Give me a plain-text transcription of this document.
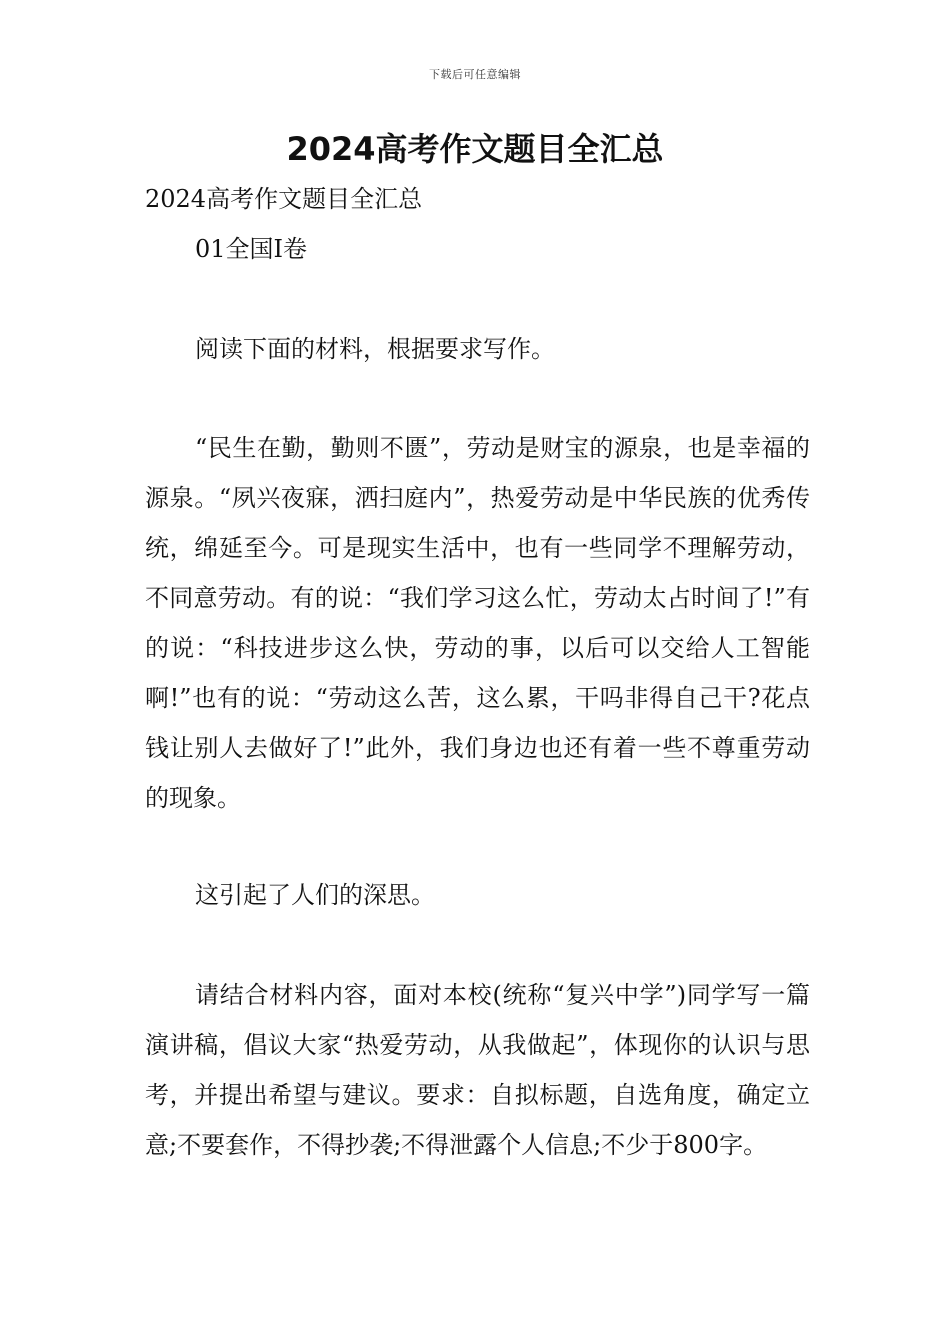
下载后可任意编辑
2024高考作文题目全汇总

2024高考作文题目全汇总

01全国Ⅰ卷

阅读下面的材料，根据要求写作。

“民生在勤，勤则不匮”，劳动是财宝的源泉，也是幸福的源泉。“夙兴夜寐，洒扫庭内”，热爱劳动是中华民族的优秀传统，绵延至今。可是现实生活中，也有一些同学不理解劳动，不同意劳动。有的说：“我们学习这么忙，劳动太占时间了!”有的说：“科技进步这么快，劳动的事，以后可以交给人工智能啊!”也有的说：“劳动这么苦，这么累，干吗非得自己干?花点钱让别人去做好了!”此外，我们身边也还有着一些不尊重劳动的现象。

这引起了人们的深思。

请结合材料内容，面对本校(统称“复兴中学”)同学写一篇演讲稿，倡议大家“热爱劳动，从我做起”，体现你的认识与思考，并提出希望与建议。要求：自拟标题，自选角度，确定立意;不要套作，不得抄袭;不得泄露个人信息;不少于800字。
